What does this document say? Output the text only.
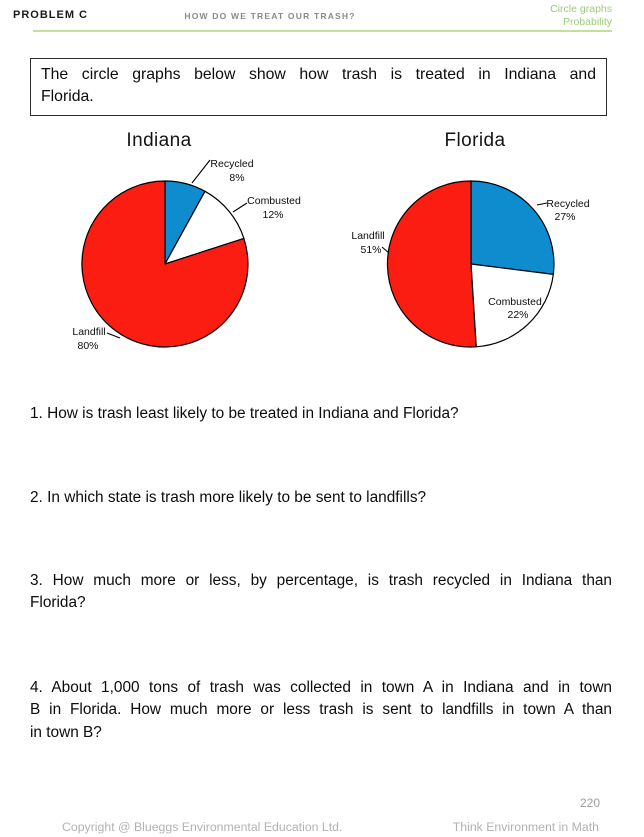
PROBLEM C	HOW DO WE TREAT OUR TRASH?
Circle graphs
Probability
The circle graphs below show how trash is treated in Indiana and
Florida.
Indiana
Recycled
8%
Combusted
12%
Landfill
80%
Florida
Recycled
27%
Combusted
22%
Landfill
51%
1. How is trash least likely to be treated in Indiana and Florida?
2. In which state is trash more likely to be sent to landfills?
3. How much more or less, by percentage, is trash recycled in Indiana than
Florida?
4. About 1,000 tons of trash was collected in town A in Indiana and in town
B in Florida. How much more or less trash is sent to landfills in town A than
in town B?
220
Copyright @ Blueggs Environmental Education Ltd.	Think Environment in Math
